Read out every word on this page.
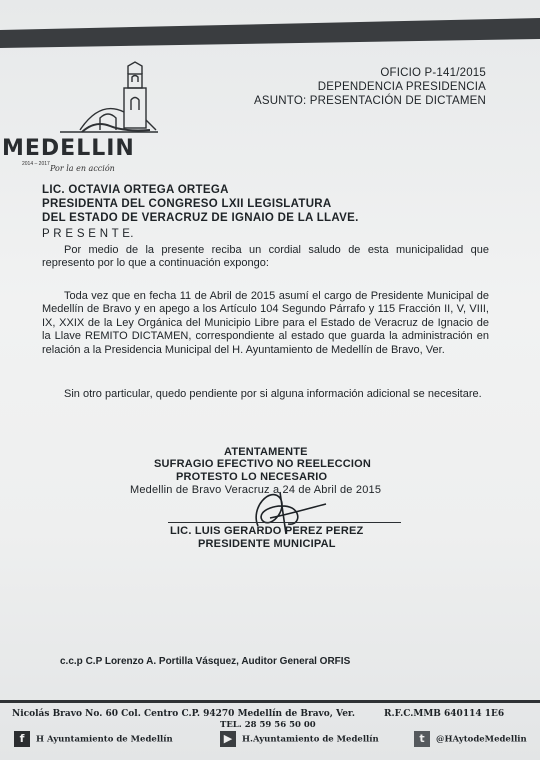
MEDELLIN
2014 – 2017 Por la en acción
OFICIO P-141/2015
DEPENDENCIA PRESIDENCIA
ASUNTO: PRESENTACIÓN DE DICTAMEN
LIC. OCTAVIA ORTEGA ORTEGA
PRESIDENTA DEL CONGRESO LXII LEGISLATURA
DEL ESTADO DE VERACRUZ DE IGNAIO DE LA LLAVE.
P R E S E N T E.
Por medio de la presente reciba un cordial saludo de esta municipalidad que represento por lo que a continuación expongo:
Toda vez que en fecha 11 de Abril de 2015 asumí el cargo de Presidente Municipal de Medellín de Bravo y en apego a los Artículo 104 Segundo Párrafo y 115 Fracción II, V, VIII, IX, XXIX de la Ley Orgánica del Municipio Libre para el Estado de Veracruz de Ignacio de la Llave REMITO DICTAMEN, correspondiente al estado que guarda la administración en relación a la Presidencia Municipal del H. Ayuntamiento de Medellín de Bravo, Ver.
Sin otro particular, quedo pendiente por si alguna información adicional se necesitare.
ATENTAMENTE
SUFRAGIO EFECTIVO NO REELECCION
PROTESTO LO NECESARIO
Medellin de Bravo Veracruz a 24 de Abril de 2015
LIC. LUIS GERARDO PEREZ PEREZ
PRESIDENTE MUNICIPAL
c.c.p C.P Lorenzo A. Portilla Vásquez, Auditor General ORFIS
Nicolás Bravo No. 60 Col. Centro C.P. 94270 Medellín de Bravo, Ver.	R.F.C.MMB 640114 1E6
TEL. 28 59 56 50 00
f H Ayuntamiento de Medellín	▶ H.Ayuntamiento de Medellín	t @HAytodeMedellin
